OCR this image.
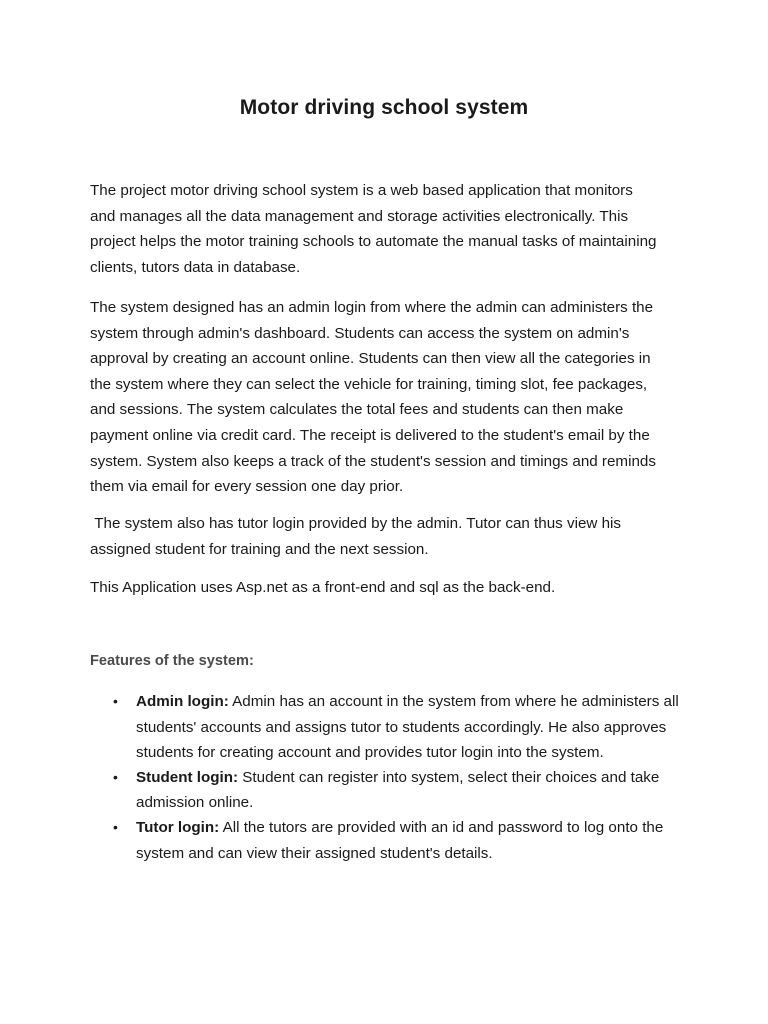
Motor driving school system

The project motor driving school system is a web based application that monitors and manages all the data management and storage activities electronically. This project helps the motor training schools to automate the manual tasks of maintaining clients, tutors data in database.

The system designed has an admin login from where the admin can administers the system through admin's dashboard. Students can access the system on admin's approval by creating an account online. Students can then view all the categories in the system where they can select the vehicle for training, timing slot, fee packages, and sessions. The system calculates the total fees and students can then make payment online via credit card. The receipt is delivered to the student's email by the system. System also keeps a track of the student's session and timings and reminds them via email for every session one day prior.

The system also has tutor login provided by the admin. Tutor can thus view his assigned student for training and the next session.

This Application uses Asp.net as a front-end and sql as the back-end.

Features of the system:
• Admin login: Admin has an account in the system from where he administers all students' accounts and assigns tutor to students accordingly. He also approves students for creating account and provides tutor login into the system.
• Student login: Student can register into system, select their choices and take admission online.
• Tutor login: All the tutors are provided with an id and password to log onto the system and can view their assigned student's details.
